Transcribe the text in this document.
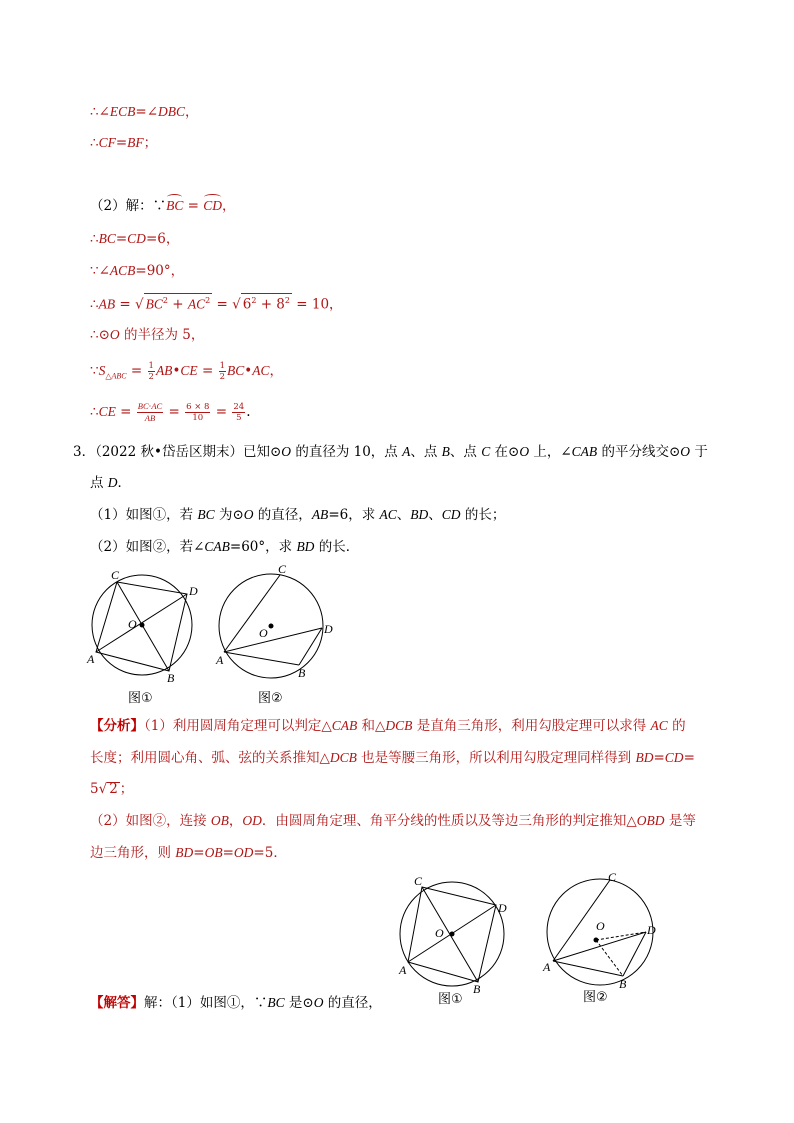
∴∠ECB=∠DBC，
∴CF=BF；
（2）解：∵BC = CD，
∴BC=CD=6，
∵∠ACB=90°，
∴AB = √ $BC^2 + AC^2$ = √ $6^2 + 8^2 = 10$，
∴⊙O 的半径为 5，
$\because S_{\triangle ABC} = \frac{1}{2}$ AB•CE = $\frac{1}{2}$ BC•AC，
∴CE = $\frac{BC\cdot AC}{AB} = \frac{6 \times 8}{10} = \frac{24}{5}$ .
3．（2022 秋•岱岳区期末）已知⊙O 的直径为 10，点 A、点 B、点 C 在⊙O 上，∠CAB 的平分线交⊙O 于
点 D．
（1）如图①，若 BC 为⊙O 的直径，AB=6，求 AC、BD、CD 的长；
（2）如图②，若∠CAB=60°，求 BD 的长．
C
D
O
A
B
图①
C
D
O
A
B
图②
【分析】（1）利用圆周角定理可以判定△CAB 和△DCB 是直角三角形，利用勾股定理可以求得 AC 的
长度；利用圆心角、弧、弦的关系推知△DCB 也是等腰三角形，所以利用勾股定理同样得到 BD=CD=
5√ 2 ；
（2）如图②，连接 OB，OD．由圆周角定理、角平分线的性质以及等边三角形的判定推知△OBD 是等
边三角形，则 BD=OB=OD=5．
C
D
O
A
B
图①
C
D
O
A
B
图②
【解答】解：（1）如图①，∵BC 是⊙O 的直径，
